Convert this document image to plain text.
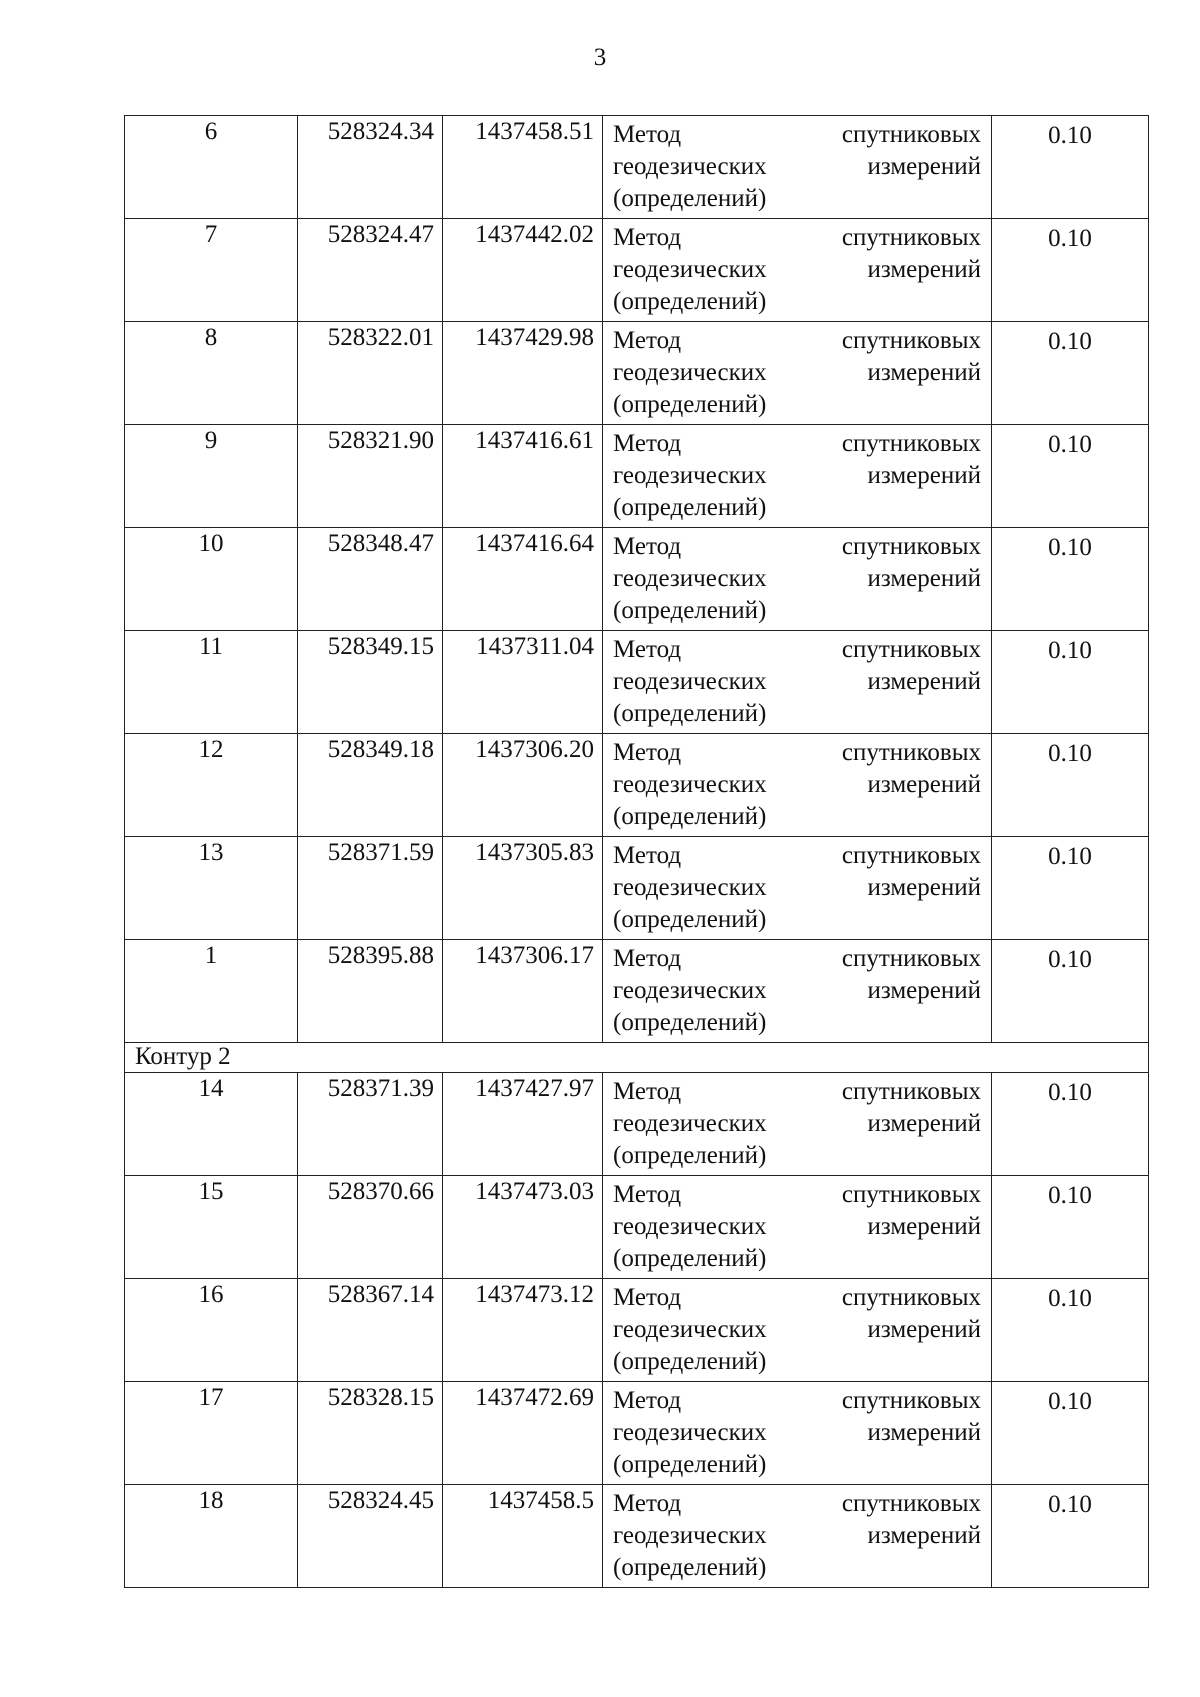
3
6	528324.34	1437458.51	Метод спутниковых
геодезических измерений
(определений)	0.10
7	528324.47	1437442.02	Метод спутниковых
геодезических измерений
(определений)	0.10
8	528322.01	1437429.98	Метод спутниковых
геодезических измерений
(определений)	0.10
9	528321.90	1437416.61	Метод спутниковых
геодезических измерений
(определений)	0.10
10	528348.47	1437416.64	Метод спутниковых
геодезических измерений
(определений)	0.10
11	528349.15	1437311.04	Метод спутниковых
геодезических измерений
(определений)	0.10
12	528349.18	1437306.20	Метод спутниковых
геодезических измерений
(определений)	0.10
13	528371.59	1437305.83	Метод спутниковых
геодезических измерений
(определений)	0.10
1	528395.88	1437306.17	Метод спутниковых
геодезических измерений
(определений)	0.10
Контур 2				
14	528371.39	1437427.97	Метод спутниковых
геодезических измерений
(определений)	0.10
15	528370.66	1437473.03	Метод спутниковых
геодезических измерений
(определений)	0.10
16	528367.14	1437473.12	Метод спутниковых
геодезических измерений
(определений)	0.10
17	528328.15	1437472.69	Метод спутниковых
геодезических измерений
(определений)	0.10
18	528324.45	1437458.5	Метод спутниковых
геодезических измерений
(определений)	0.10
